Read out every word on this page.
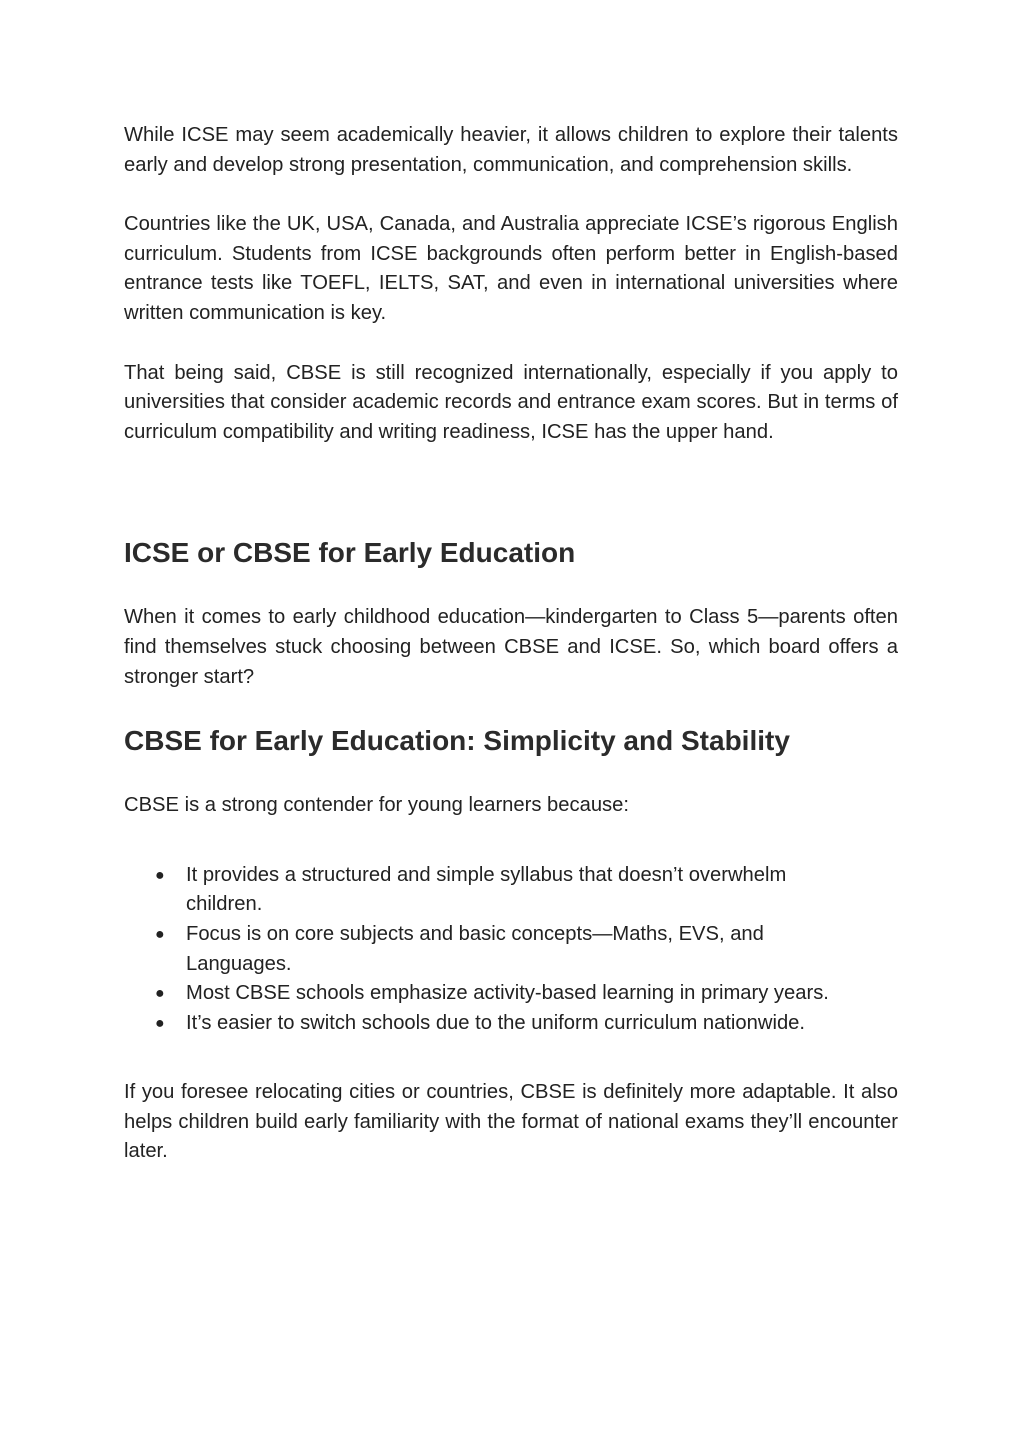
While ICSE may seem academically heavier, it allows children to explore their talents early and develop strong presentation, communication, and comprehension skills.

Countries like the UK, USA, Canada, and Australia appreciate ICSE’s rigorous English curriculum. Students from ICSE backgrounds often perform better in English-based entrance tests like TOEFL, IELTS, SAT, and even in international universities where written communication is key.

That being said, CBSE is still recognized internationally, especially if you apply to universities that consider academic records and entrance exam scores. But in terms of curriculum compatibility and writing readiness, ICSE has the upper hand.

ICSE or CBSE for Early Education

When it comes to early childhood education—kindergarten to Class 5—parents often find themselves stuck choosing between CBSE and ICSE. So, which board offers a stronger start?

CBSE for Early Education: Simplicity and Stability

CBSE is a strong contender for young learners because:

● It provides a structured and simple syllabus that doesn’t overwhelm children.
● Focus is on core subjects and basic concepts—Maths, EVS, and Languages.
● Most CBSE schools emphasize activity-based learning in primary years.
● It’s easier to switch schools due to the uniform curriculum nationwide.

If you foresee relocating cities or countries, CBSE is definitely more adaptable. It also helps children build early familiarity with the format of national exams they’ll encounter later.
